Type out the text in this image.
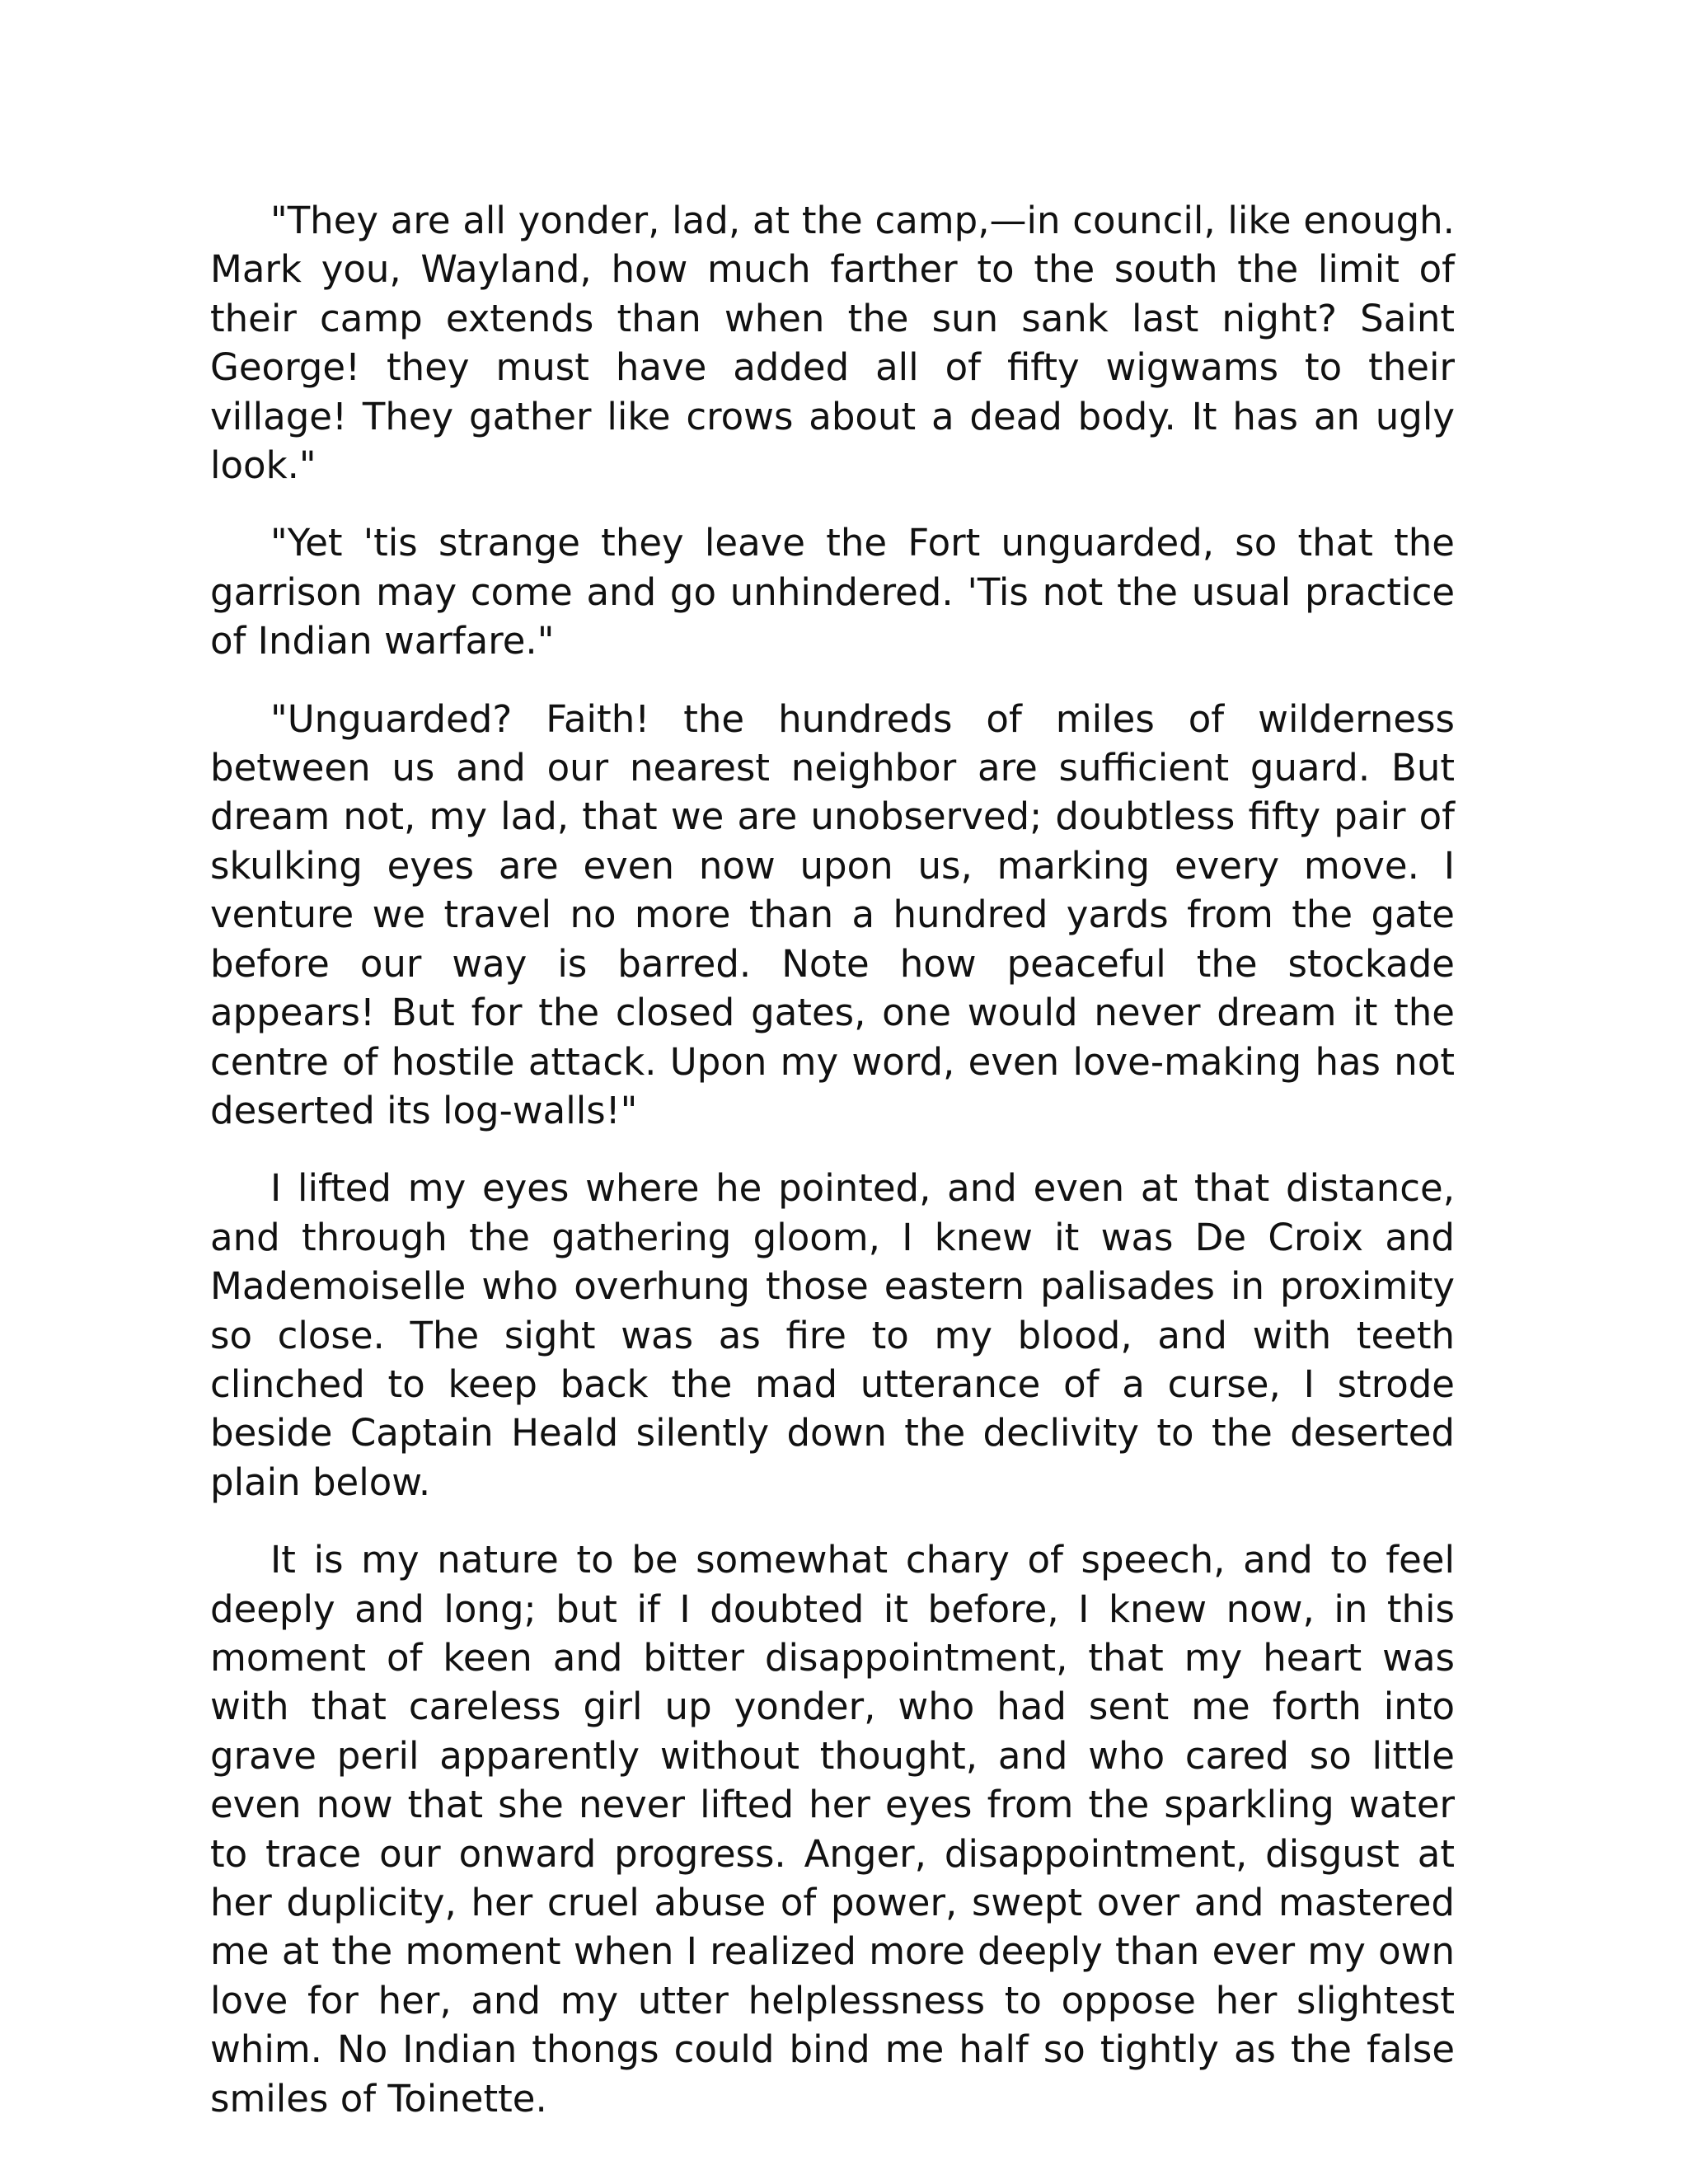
"They are all yonder, lad, at the camp,—in council, like enough. Mark you, Wayland, how much farther to the south the limit of their camp extends than when the sun sank last night? Saint George! they must have added all of fifty wigwams to their village! They gather like crows about a dead body. It has an ugly look."

"Yet 'tis strange they leave the Fort unguarded, so that the garrison may come and go unhindered. 'Tis not the usual practice of Indian warfare."

"Unguarded? Faith! the hundreds of miles of wilderness between us and our nearest neighbor are sufficient guard. But dream not, my lad, that we are unobserved; doubtless fifty pair of skulking eyes are even now upon us, marking every move. I venture we travel no more than a hundred yards from the gate before our way is barred. Note how peaceful the stockade appears! But for the closed gates, one would never dream it the centre of hostile attack. Upon my word, even love-making has not deserted its log-walls!"

I lifted my eyes where he pointed, and even at that distance, and through the gathering gloom, I knew it was De Croix and Mademoiselle who overhung those eastern palisades in proximity so close. The sight was as fire to my blood, and with teeth clinched to keep back the mad utterance of a curse, I strode beside Captain Heald silently down the declivity to the deserted plain below.

It is my nature to be somewhat chary of speech, and to feel deeply and long; but if I doubted it before, I knew now, in this moment of keen and bitter disappointment, that my heart was with that careless girl up yonder, who had sent me forth into grave peril apparently without thought, and who cared so little even now that she never lifted her eyes from the sparkling water to trace our onward progress. Anger, disappointment, disgust at her duplicity, her cruel abuse of power, swept over and mastered me at the moment when I realized more deeply than ever my own love for her, and my utter helplessness to oppose her slightest whim. No Indian thongs could bind me half so tightly as the false smiles of Toinette.
